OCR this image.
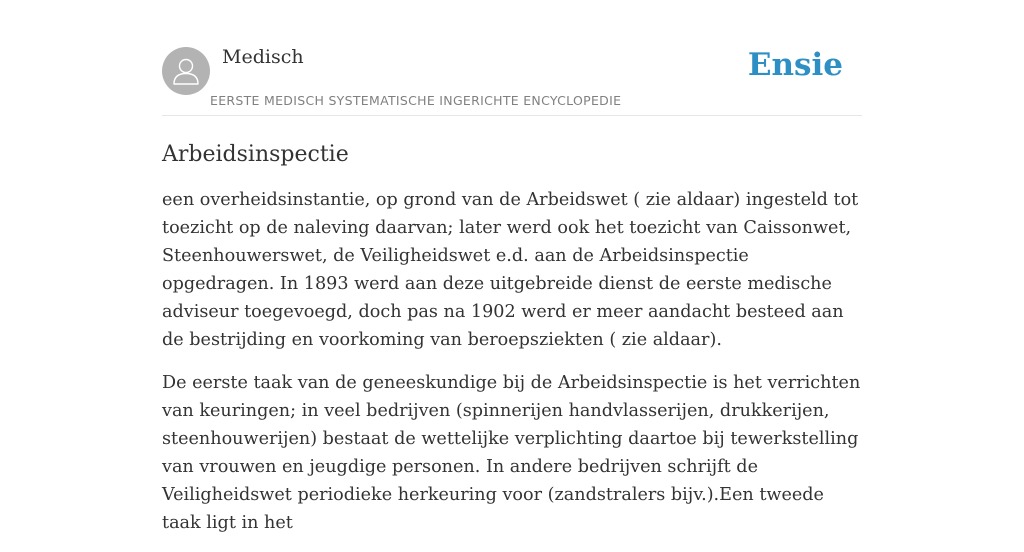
Medisch
EERSTE MEDISCH SYSTEMATISCHE INGERICHTE ENCYCLOPEDIE
Ensie
Arbeidsinspectie

een overheidsinstantie, op grond van de Arbeidswet ( zie aldaar) ingesteld tot toezicht op de naleving daarvan; later werd ook het toezicht van Caissonwet, Steenhouwerswet, de Veiligheidswet e.d. aan de Arbeidsinspectie opgedragen. In 1893 werd aan deze uitgebreide dienst de eerste medische adviseur toegevoegd, doch pas na 1902 werd er meer aandacht besteed aan de bestrijding en voorkoming van beroepsziekten ( zie aldaar).

De eerste taak van de geneeskundige bij de Arbeidsinspectie is het verrichten van keuringen; in veel bedrijven (spinnerijen handvlasserijen, drukkerijen, steenhouwerijen) bestaat de wettelijke verplichting daartoe bij tewerkstelling van vrouwen en jeugdige personen. In andere bedrijven schrijft de Veiligheidswet periodieke herkeuring voor (zandstralers bijv.).Een tweede taak ligt in het
